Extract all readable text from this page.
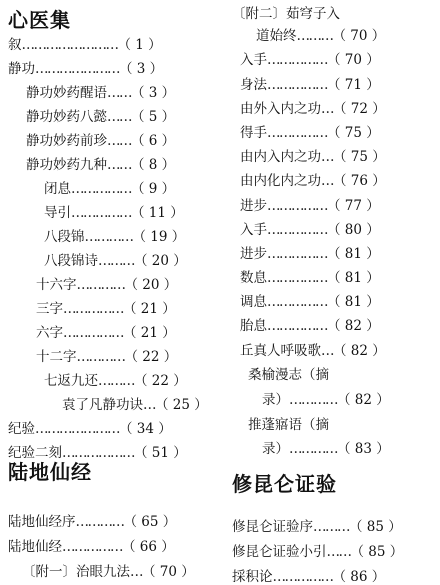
心医集
陆地仙经
叙 …………………… （ 1 ）
静功 ………………… （ 3 ）
静功妙药醒语 …… （ 3 ）
静功妙药八懿 …… （ 5 ）
静功妙药前珍 …… （ 6 ）
静功妙药九种 …… （ 8 ）
闭息 …………… （ 9 ）
导引 …………… （ 11 ）
八段锦 ………… （ 19 ）
八段锦诗 ……… （ 20 ）
十六字 ………… （ 20 ）
三字 …………… （ 21 ）
六字 …………… （ 21 ）
十二字 ………… （ 22 ）
七返九还 ……… （ 22 ）
袁了凡静功诀 … （ 25 ）
纪验 ………………… （ 34 ）
纪验二刻 ……………… （ 51 ）
陆地仙经序 ………… （ 65 ）
陆地仙经 …………… （ 66 ）
〔附一〕治眼九法 … （ 70 ）
修昆仑证验
〔附二〕茹穹子入
道始终 ……… （ 70 ）
入手 …………… （ 70 ）
身法 …………… （ 71 ）
由外入内之功 … （ 72 ）
得手 …………… （ 75 ）
由内入内之功 … （ 75 ）
由内化内之功 … （ 76 ）
进步 …………… （ 77 ）
入手 …………… （ 80 ）
进步 …………… （ 81 ）
数息 …………… （ 81 ）
调息 …………… （ 81 ）
胎息 …………… （ 82 ）
丘真人呼吸歌 … （ 82 ）
桑榆漫志（摘
录） ………… （ 82 ）
推蓬寤语（摘
录） ………… （ 83 ）
修昆仑证验序 ……… （ 85 ）
修昆仑证验小引 …… （ 85 ）
採积论 …………… （ 86 ）
